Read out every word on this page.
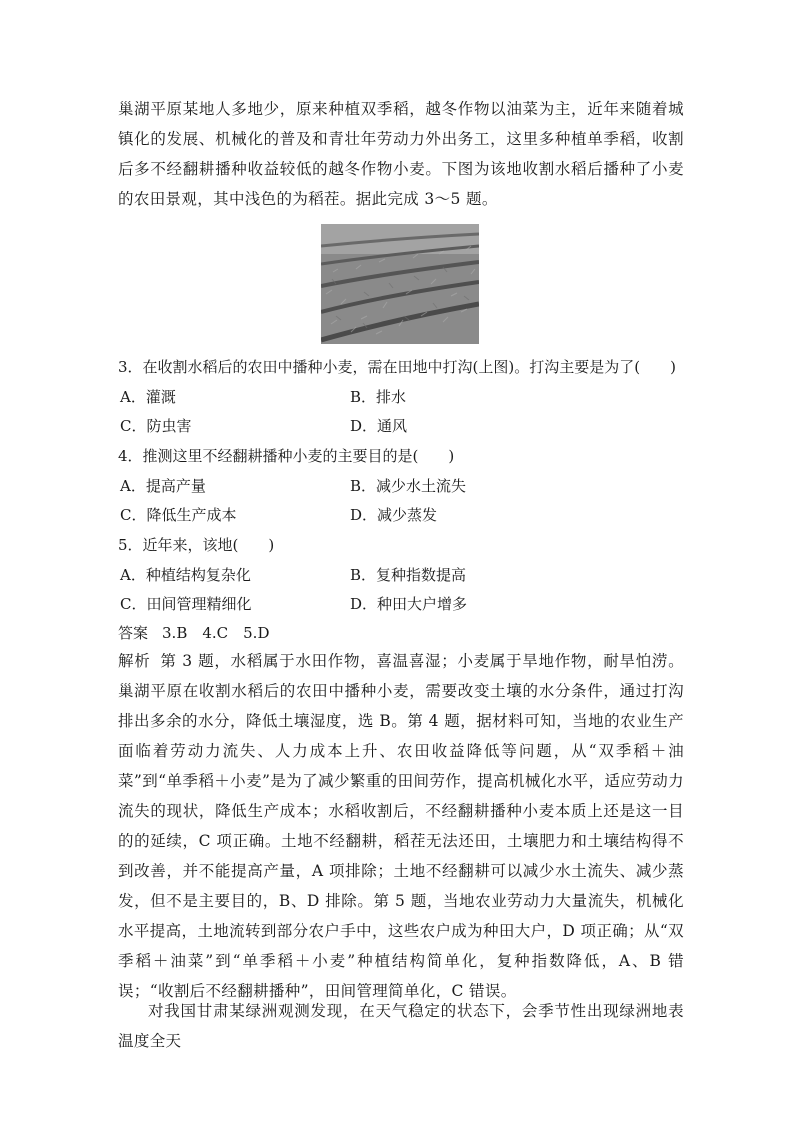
巢湖平原某地人多地少，原来种植双季稻，越冬作物以油菜为主，近年来随着城镇化的发展、机械化的普及和青壮年劳动力外出务工，这里多种植单季稻，收割后多不经翻耕播种收益较低的越冬作物小麦。下图为该地收割水稻后播种了小麦的农田景观，其中浅色的为稻茬。据此完成 3～5 题。

3．在收割水稻后的农田中播种小麦，需在田地中打沟(上图)。打沟主要是为了(　　)
A．灌溉	B．排水
C．防虫害	D．通风
4．推测这里不经翻耕播种小麦的主要目的是(　　)
A．提高产量	B．减少水土流失
C．降低生产成本	D．减少蒸发
5．近年来，该地(　　)
A．种植结构复杂化	B．复种指数提高
C．田间管理精细化	D．种田大户增多
答案 3.B　4.C　5.D

解析 第 3 题，水稻属于水田作物，喜温喜湿；小麦属于旱地作物，耐旱怕涝。巢湖平原在收割水稻后的农田中播种小麦，需要改变土壤的水分条件，通过打沟排出多余的水分，降低土壤湿度，选 B。第 4 题，据材料可知，当地的农业生产面临着劳动力流失、人力成本上升、农田收益降低等问题，从“双季稻＋油菜”到“单季稻＋小麦”是为了减少繁重的田间劳作，提高机械化水平，适应劳动力流失的现状，降低生产成本；水稻收割后，不经翻耕播种小麦本质上还是这一目的的延续，C 项正确。土地不经翻耕，稻茬无法还田，土壤肥力和土壤结构得不到改善，并不能提高产量，A 项排除；土地不经翻耕可以减少水土流失、减少蒸发，但不是主要目的，B、D 排除。第 5 题，当地农业劳动力大量流失，机械化水平提高，土地流转到部分农户手中，这些农户成为种田大户，D 项正确；从“双季稻＋油菜”到“单季稻＋小麦”种植结构简单化，复种指数降低，A、B 错误；“收割后不经翻耕播种”，田间管理简单化，C 错误。

对我国甘肃某绿洲观测发现，在天气稳定的状态下，会季节性出现绿洲地表温度全天
